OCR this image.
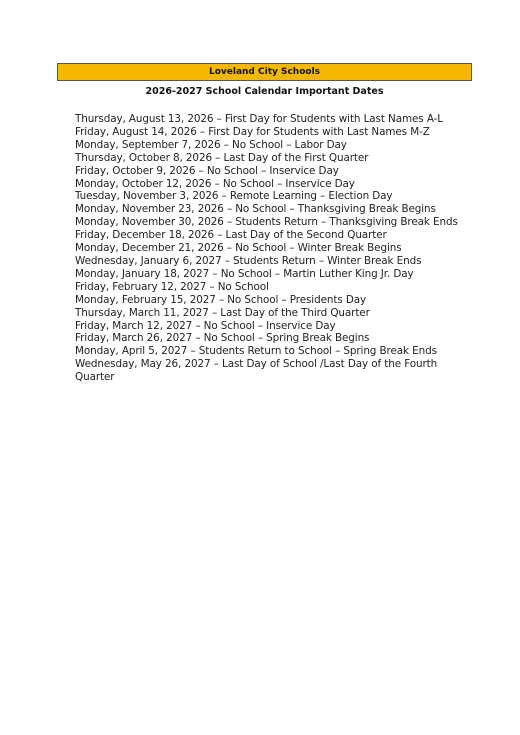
Loveland City Schools
2026-2027 School Calendar Important Dates
Thursday, August 13, 2026 – First Day for Students with Last Names A-L
Friday, August 14, 2026 – First Day for Students with Last Names M-Z
Monday, September 7, 2026 – No School – Labor Day
Thursday, October 8, 2026 – Last Day of the First Quarter
Friday, October 9, 2026 – No School – Inservice Day
Monday, October 12, 2026 – No School – Inservice Day
Tuesday, November 3, 2026 – Remote Learning – Election Day
Monday, November 23, 2026 – No School – Thanksgiving Break Begins
Monday, November 30, 2026 – Students Return – Thanksgiving Break Ends
Friday, December 18, 2026 – Last Day of the Second Quarter
Monday, December 21, 2026 – No School – Winter Break Begins
Wednesday, January 6, 2027 – Students Return – Winter Break Ends
Monday, January 18, 2027 – No School – Martin Luther King Jr. Day
Friday, February 12, 2027 – No School
Monday, February 15, 2027 – No School – Presidents Day
Thursday, March 11, 2027 – Last Day of the Third Quarter
Friday, March 12, 2027 – No School – Inservice Day
Friday, March 26, 2027 – No School – Spring Break Begins
Monday, April 5, 2027 – Students Return to School – Spring Break Ends
Wednesday, May 26, 2027 – Last Day of School /Last Day of the Fourth Quarter
